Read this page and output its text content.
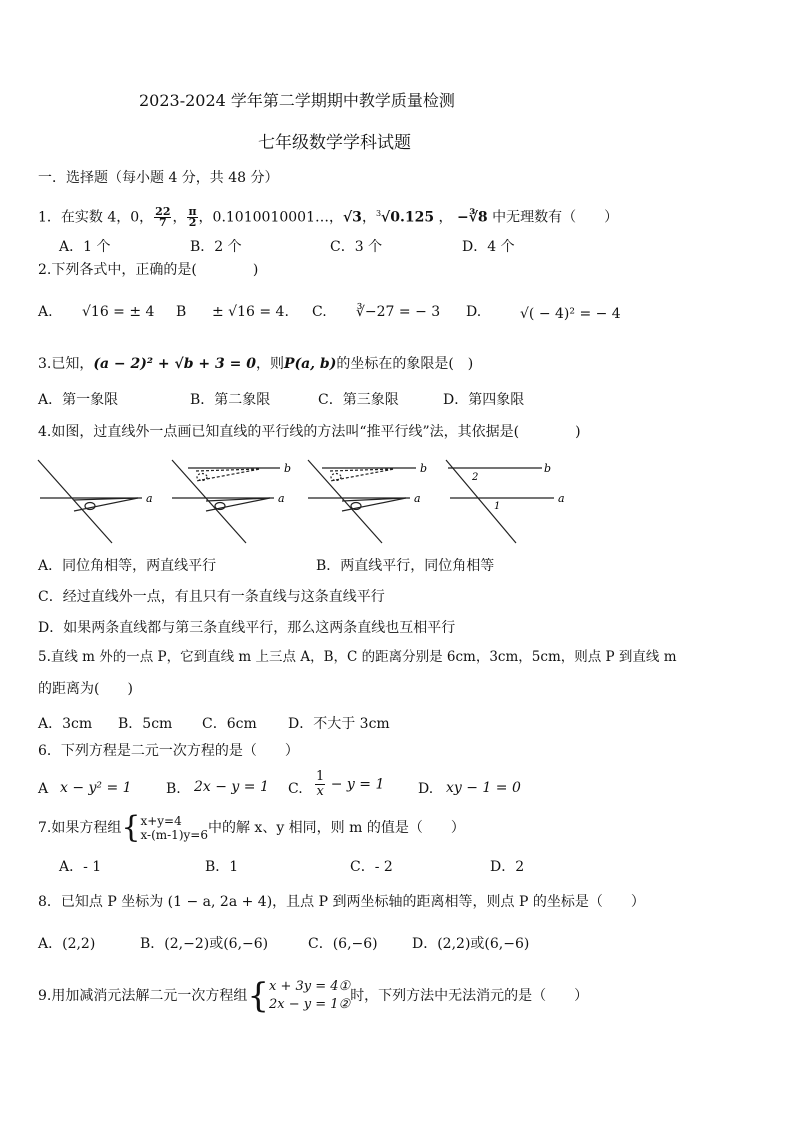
2023-2024 学年第二学期期中教学质量检测
七年级数学学科试题
一．选择题（每小题 4 分，共 48 分）
1．在实数 4，0， $\frac{22}{7}$ ， $\frac{\pi}{2}$ ，0.1010010001…，√3，$^3$√0.125 ， −∛8 中无理数有（　　）
A．1 个	B．2 个	C．3 个	D．4 个
2.下列各式中，正确的是(　　　　)
A. √16 = ± 4 B ± √16 = 4. C. ∛−27 = − 3 D.	√( − 4)² = − 4
3.已知，(a − 2)² + √b + 3 = 0，则P(a, b)的坐标在的象限是(　)
A．第一象限	B．第二象限	C．第三象限	D．第四象限
4.如图，过直线外一点画已知直线的平行线的方法叫“推平行线”法，其依据是(　　　　)
a	a
b
a
b
a
b
2
1
A．同位角相等，两直线平行	B．两直线平行，同位角相等
C．经过直线外一点，有且只有一条直线与这条直线平行
D．如果两条直线都与第三条直线平行，那么这两条直线也互相平行
5.直线 m 外的一点 P，它到直线 m 上三点 A，B，C 的距离分别是 6cm，3cm，5cm，则点 P 到直线 m
的距离为(　　)
A．3cm B．5cm C．6cm D．不大于 3cm
6．下列方程是二元一次方程的是（　　）
A x − y² = 1 B. 2x − y = 1 C. $\frac{1}{x} - y = 1$ D. xy − 1 = 0
7.如果方程组{ x+y=4
x-(m-1)y=6 中的解 x、y 相同，则 m 的值是（　　）
A．- 1	B．1	C．- 2	D．2
8．已知点 P 坐标为 (1 − a, 2a + 4)，且点 P 到两坐标轴的距离相等，则点 P 的坐标是（　　）
A．(2,2)	B．(2,−2)或(6,−6)	C．(6,−6) D．(2,2)或(6,−6)
9.用加减消元法解二元一次方程组{ x + 3y = 4①
2x − y = 1②
时，下列方法中无法消元的是（　　）
